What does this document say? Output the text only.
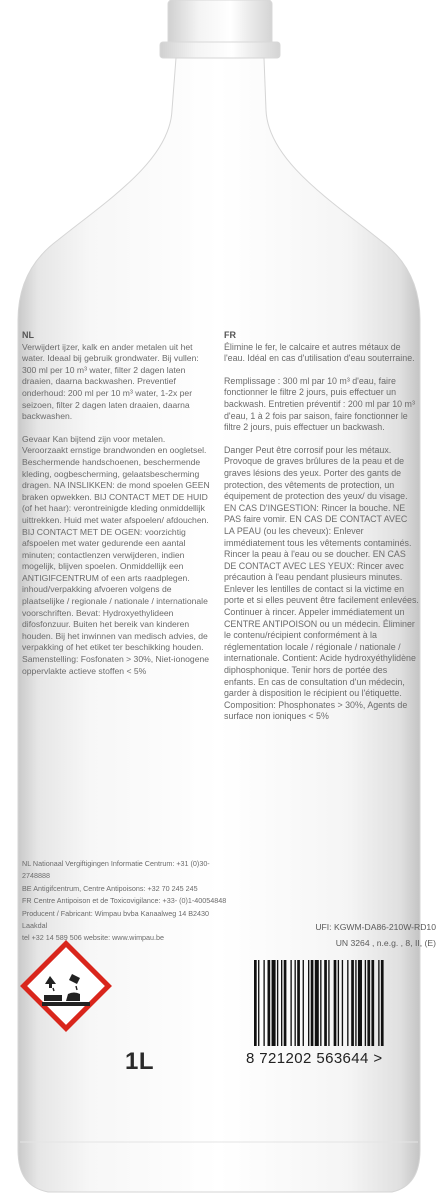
NL

Verwijdert ijzer, kalk en ander metalen uit het water. Ideaal bij gebruik grondwater. Bij vullen: 300 ml per 10 m³ water, filter 2 dagen laten draaien, daarna backwashen. Preventief onderhoud: 200 ml per 10 m³ water, 1-2x per seizoen, filter 2 dagen laten draaien, daarna backwashen.

Gevaar Kan bijtend zijn voor metalen. Veroorzaakt ernstige brandwonden en oogletsel. Beschermende handschoenen, beschermende kleding, oogbescherming, gelaatsbescherming dragen. NA INSLIKKEN: de mond spoelen GEEN braken opwekken. BIJ CONTACT MET DE HUID (of het haar): verontreinigde kleding onmiddellijk uittrekken. Huid met water afspoelen/ afdouchen. BIJ CONTACT MET DE OGEN: voorzichtig afspoelen met water gedurende een aantal minuten; contactlenzen verwijderen, indien mogelijk, blijven spoelen. Onmiddellijk een ANTIGIFCENTRUM of een arts raadplegen. inhoud/verpakking afvoeren volgens de plaatselijke / regionale / nationale / internationale voorschriften. Bevat: Hydroxyethylideen difosfonzuur. Buiten het bereik van kinderen houden. Bij het inwinnen van medisch advies, de verpakking of het etiket ter beschikking houden. Samenstelling: Fosfonaten > 30%, Niet-ionogene oppervlakte actieve stoffen < 5%

FR

Élimine le fer, le calcaire et autres métaux de l'eau. Idéal en cas d'utilisation d'eau souterraine.

Remplissage : 300 ml par 10 m³ d'eau, faire fonctionner le filtre 2 jours, puis effectuer un backwash. Entretien préventif : 200 ml par 10 m³ d'eau, 1 à 2 fois par saison, faire fonctionner le filtre 2 jours, puis effectuer un backwash.

Danger Peut être corrosif pour les métaux. Provoque de graves brûlures de la peau et de graves lésions des yeux. Porter des gants de protection, des vêtements de protection, un équipement de protection des yeux/ du visage. EN CAS D'INGESTION: Rincer la bouche. NE PAS faire vomir. EN CAS DE CONTACT AVEC LA PEAU (ou les cheveux): Enlever immédiatement tous les vêtements contaminés. Rincer la peau à l'eau ou se doucher. EN CAS DE CONTACT AVEC LES YEUX: Rincer avec précaution à l'eau pendant plusieurs minutes. Enlever les lentilles de contact si la victime en porte et si elles peuvent être facilement enlevées. Continuer à rincer. Appeler immédiatement un CENTRE ANTIPOISON ou un médecin. Éliminer le contenu/récipient conformément à la réglementation locale / régionale / nationale / internationale. Contient: Acide hydroxyéthylidène diphosphonique. Tenir hors de portée des enfants. En cas de consultation d'un médecin, garder à disposition le récipient ou l'étiquette. Composition: Phosphonates > 30%, Agents de surface non ioniques < 5%

NL Nationaal Vergiftigingen Informatie Centrum: +31 (0)30-2748888
BE Antigifcentrum, Centre Antipoisons: +32 70 245 245
FR Centre Antipoison et de Toxicovigilance: +33- (0)1-40054848
Producent / Fabricant: Wimpau bvba Kanaalweg 14 B2430 Laakdal
tel +32 14 589 506 website: www.wimpau.be
UFI: KGWM-DA86-210W-RD10
UN 3264 , n.e.g. , 8, II, (E)
1L	8 721202 563644 >
